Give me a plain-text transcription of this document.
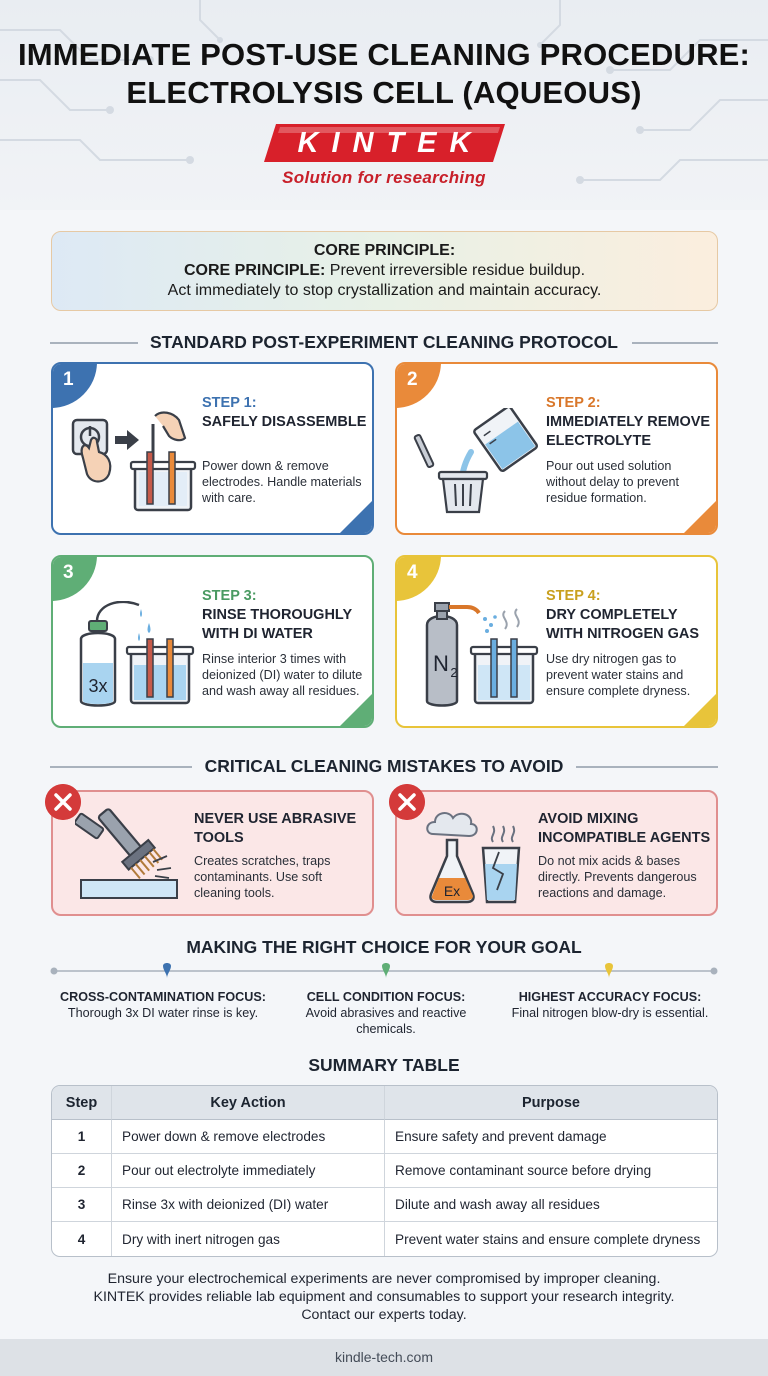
IMMEDIATE POST-USE CLEANING PROCEDURE:
ELECTROLYSIS CELL (AQUEOUS)
KINTEK
Solution for researching
CORE PRINCIPLE:
CORE PRINCIPLE: Prevent irreversible residue buildup.
Act immediately to stop crystallization and maintain accuracy.
STANDARD POST-EXPERIMENT CLEANING PROTOCOL
1
STEP 1:
SAFELY DISASSEMBLE
Power down & remove electrodes. Handle materials with care.
2
STEP 2:
IMMEDIATELY REMOVE ELECTROLYTE
Pour out used solution without delay to prevent residue formation.
3
3x
STEP 3:
RINSE THOROUGHLY WITH DI WATER
Rinse interior 3 times with deionized (DI) water to dilute and wash away all residues.
4
N 2
STEP 4:
DRY COMPLETELY WITH NITROGEN GAS
Use dry nitrogen gas to prevent water stains and ensure complete dryness.
CRITICAL CLEANING MISTAKES TO AVOID
NEVER USE ABRASIVE TOOLS
Creates scratches, traps contaminants. Use soft cleaning tools.	Ex
AVOID MIXING INCOMPATIBLE AGENTS
Do not mix acids & bases directly. Prevents dangerous reactions and damage.
MAKING THE RIGHT CHOICE FOR YOUR GOAL
CROSS-CONTAMINATION FOCUS:
Thorough 3x DI water rinse is key.
CELL CONDITION FOCUS:
Avoid abrasives and reactive chemicals.
HIGHEST ACCURACY FOCUS:
Final nitrogen blow-dry is essential.
SUMMARY TABLE
Step	Key Action	Purpose
1	Power down & remove electrodes	Ensure safety and prevent damage
2	Pour out electrolyte immediately	Remove contaminant source before drying
3	Rinse 3x with deionized (DI) water	Dilute and wash away all residues
4	Dry with inert nitrogen gas	Prevent water stains and ensure complete dryness
Ensure your electrochemical experiments are never compromised by improper cleaning.
KINTEK provides reliable lab equipment and consumables to support your research integrity.
Contact our experts today.
kindle-tech.com
